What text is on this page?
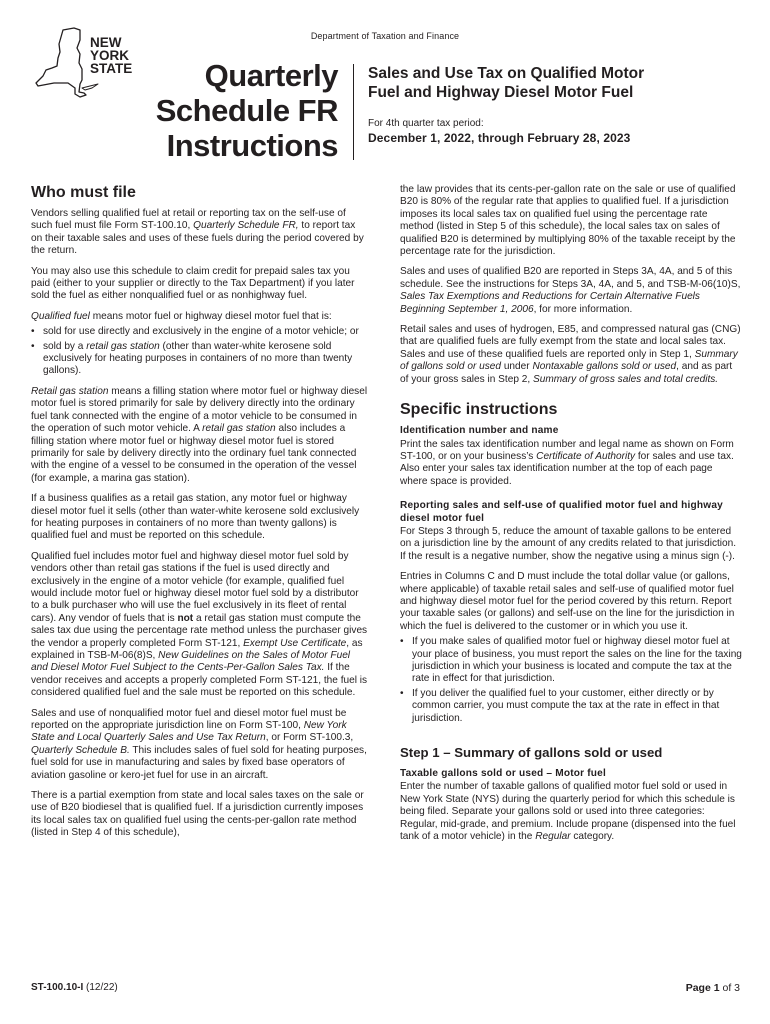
Department of Taxation and Finance
NEW
YORK
STATE	Quarterly
Schedule FR
Instructions
Sales and Use Tax on Qualified Motor
Fuel and Highway Diesel Motor Fuel
For 4th quarter tax period:
December 1, 2022, through February 28, 2023
Who must file

Vendors selling qualified fuel at retail or reporting tax on the self-use of such fuel must file Form ST-100.10, Quarterly Schedule FR, to report tax on their taxable sales and uses of these fuels during the period covered by the return.

You may also use this schedule to claim credit for prepaid sales tax you paid (either to your supplier or directly to the Tax Department) if you later sold the fuel as either nonqualified fuel or as nonhighway fuel.

Qualified fuel means motor fuel or highway diesel motor fuel that is:

• sold for use directly and exclusively in the engine of a motor vehicle; or
• sold by a retail gas station (other than water-white kerosene sold exclusively for heating purposes in containers of no more than twenty gallons).

Retail gas station means a filling station where motor fuel or highway diesel motor fuel is stored primarily for sale by delivery directly into the ordinary fuel tank connected with the engine of a motor vehicle to be consumed in the operation of such motor vehicle. A retail gas station also includes a filling station where motor fuel or highway diesel motor fuel is stored primarily for sale by delivery directly into the ordinary fuel tank connected with the engine of a vessel to be consumed in the operation of the vessel (for example, a marina gas station).

If a business qualifies as a retail gas station, any motor fuel or highway diesel motor fuel it sells (other than water-white kerosene sold exclusively for heating purposes in containers of no more than twenty gallons) is qualified fuel and must be reported on this schedule.

Qualified fuel includes motor fuel and highway diesel motor fuel sold by vendors other than retail gas stations if the fuel is used directly and exclusively in the engine of a motor vehicle (for example, qualified fuel would include motor fuel or highway diesel motor fuel sold by a distributor to a bulk purchaser who will use the fuel exclusively in its fleet of rental cars). Any vendor of fuels that is not a retail gas station must compute the sales tax due using the percentage rate method unless the purchaser gives the vendor a properly completed Form ST-121, Exempt Use Certificate, as explained in TSB-M-06(8)S, New Guidelines on the Sales of Motor Fuel and Diesel Motor Fuel Subject to the Cents-Per-Gallon Sales Tax. If the vendor receives and accepts a properly completed Form ST-121, the fuel is considered qualified fuel and the sale must be reported on this schedule.

Sales and use of nonqualified motor fuel and diesel motor fuel must be reported on the appropriate jurisdiction line on Form ST-100, New York State and Local Quarterly Sales and Use Tax Return, or Form ST-100.3, Quarterly Schedule B. This includes sales of fuel sold for heating purposes, fuel sold for use in manufacturing and sales by fixed base operators of aviation gasoline or kero-jet fuel for use in an aircraft.

There is a partial exemption from state and local sales taxes on the sale or use of B20 biodiesel that is qualified fuel. If a jurisdiction currently imposes its local sales tax on qualified fuel using the cents-per-gallon rate method (listed in Step 4 of this schedule),

the law provides that its cents-per-gallon rate on the sale or use of qualified B20 is 80% of the regular rate that applies to qualified fuel. If a jurisdiction imposes its local sales tax on qualified fuel using the percentage rate method (listed in Step 5 of this schedule), the local sales tax on sales of qualified B20 is determined by multiplying 80% of the taxable receipt by the percentage rate for the jurisdiction.

Sales and uses of qualified B20 are reported in Steps 3A, 4A, and 5 of this schedule. See the instructions for Steps 3A, 4A, and 5, and TSB-M-06(10)S, Sales Tax Exemptions and Reductions for Certain Alternative Fuels Beginning September 1, 2006, for more information.

Retail sales and uses of hydrogen, E85, and compressed natural gas (CNG) that are qualified fuels are fully exempt from the state and local sales tax. Sales and use of these qualified fuels are reported only in Step 1, Summary of gallons sold or used under Nontaxable gallons sold or used, and as part of your gross sales in Step 2, Summary of gross sales and total credits.

Specific instructions
Identification number and name

Print the sales tax identification number and legal name as shown on Form ST-100, or on your business’s Certificate of Authority for sales and use tax. Also enter your sales tax identification number at the top of each page where space is provided.

Reporting sales and self-use of qualified motor fuel and highway diesel motor fuel

For Steps 3 through 5, reduce the amount of taxable gallons to be entered on a jurisdiction line by the amount of any credits related to that jurisdiction. If the result is a negative number, show the negative using a minus sign (-).

Entries in Columns C and D must include the total dollar value (or gallons, where applicable) of taxable retail sales and self-use of qualified motor fuel and highway diesel motor fuel for the period covered by this return. Report your taxable sales (or gallons) and self-use on the line for the jurisdiction in which the fuel is delivered to the customer or in which you use it.

• If you make sales of qualified motor fuel or highway diesel motor fuel at your place of business, you must report the sales on the line for the taxing jurisdiction in which your business is located and compute the tax at the rate in effect for that jurisdiction.
• If you deliver the qualified fuel to your customer, either directly or by common carrier, you must compute the tax at the rate in effect in that jurisdiction.
Step 1 – Summary of gallons sold or used
Taxable gallons sold or used – Motor fuel

Enter the number of taxable gallons of qualified motor fuel sold or used in New York State (NYS) during the quarterly period for which this schedule is being filed. Separate your gallons sold or used into three categories: Regular, mid-grade, and premium. Include propane (dispensed into the fuel tank of a motor vehicle) in the Regular category.

ST-100.10-I (12/22)	Page 1 of 3
